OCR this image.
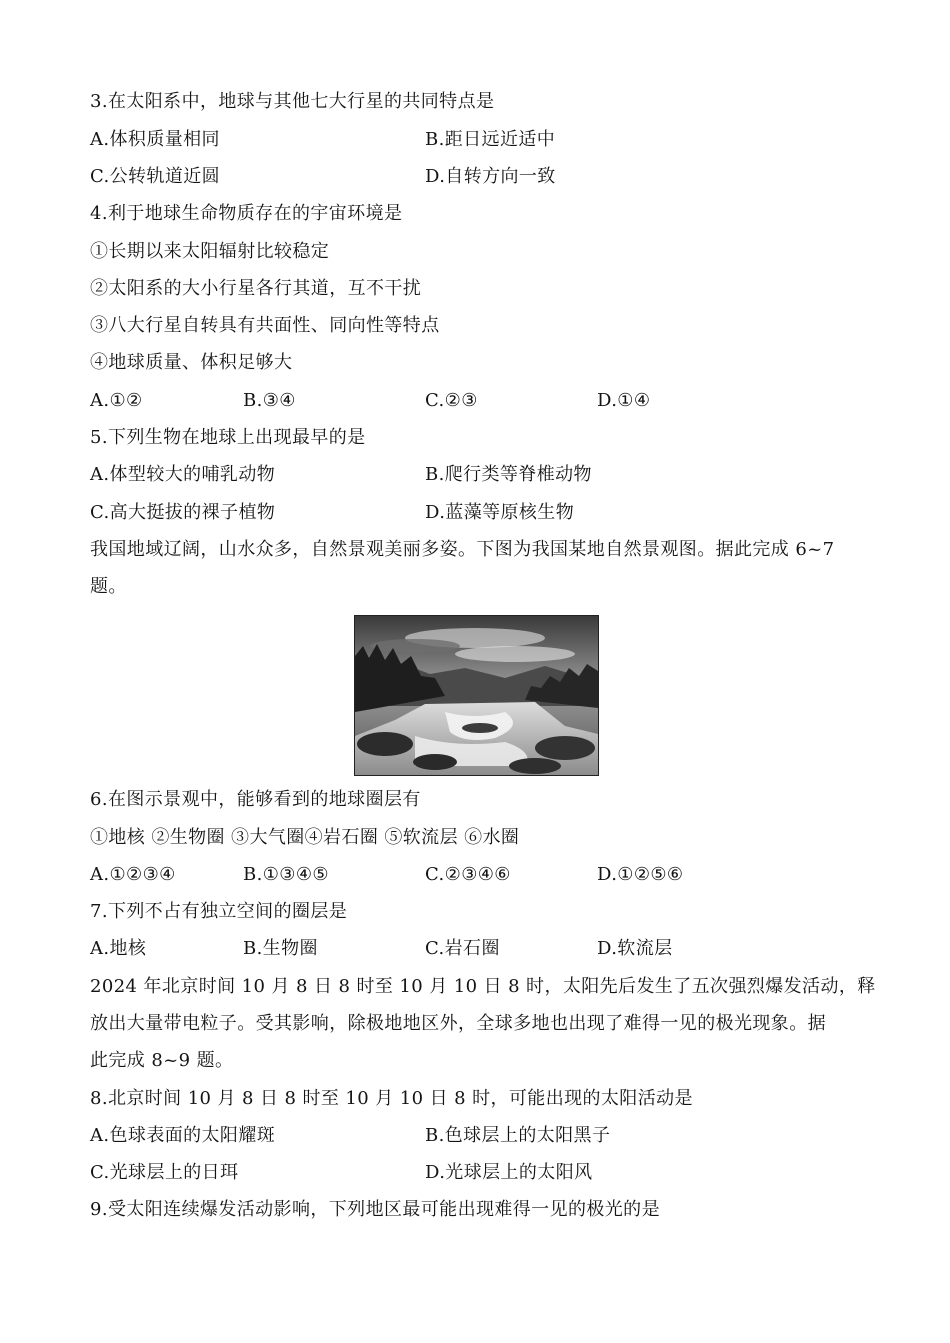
3.在太阳系中，地球与其他七大行星的共同特点是
A.体积质量相同	B.距日远近适中
C.公转轨道近圆	D.自转方向一致
4.利于地球生命物质存在的宇宙环境是
①长期以来太阳辐射比较稳定
②太阳系的大小行星各行其道，互不干扰
③八大行星自转具有共面性、同向性等特点
④地球质量、体积足够大
A.①②	B.③④	C.②③	D.①④
5.下列生物在地球上出现最早的是
A.体型较大的哺乳动物	B.爬行类等脊椎动物
C.高大挺拔的裸子植物	D.蓝藻等原核生物
我国地域辽阔，山水众多，自然景观美丽多姿。下图为我国某地自然景观图。据此完成 6~7
题。
6.在图示景观中，能够看到的地球圈层有
①地核 ②生物圈 ③大气圈④岩石圈 ⑤软流层 ⑥水圈
A.①②③④	B.①③④⑤	C.②③④⑥	D.①②⑤⑥
7.下列不占有独立空间的圈层是
A.地核	B.生物圈	C.岩石圈	D.软流层
2024 年北京时间 10 月 8 日 8 时至 10 月 10 日 8 时，太阳先后发生了五次强烈爆发活动，释
放出大量带电粒子。受其影响，除极地地区外，全球多地也出现了难得一见的极光现象。据
此完成 8~9 题。
8.北京时间 10 月 8 日 8 时至 10 月 10 日 8 时，可能出现的太阳活动是
A.色球表面的太阳耀斑	B.色球层上的太阳黑子
C.光球层上的日珥	D.光球层上的太阳风
9.受太阳连续爆发活动影响，下列地区最可能出现难得一见的极光的是
